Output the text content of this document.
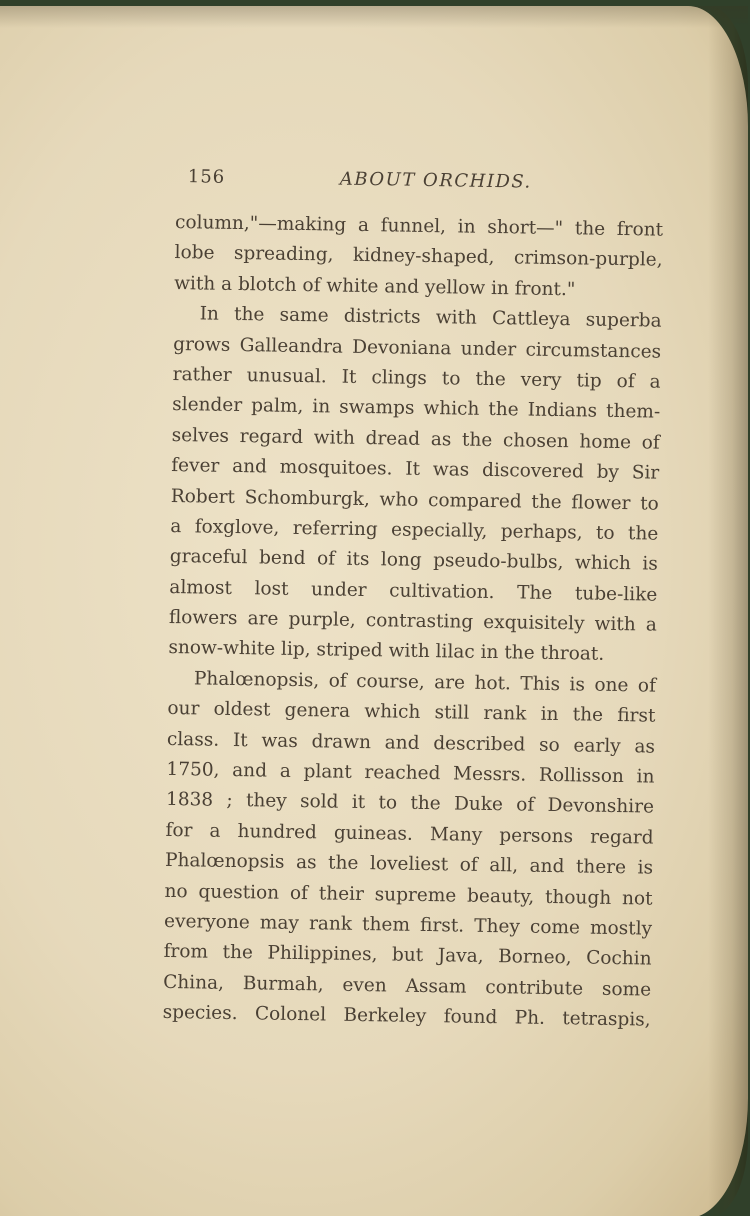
156	ABOUT ORCHIDS.
column,"—making a funnel, in short—" the front
lobe spreading, kidney-shaped, crimson-purple,
with a blotch of white and yellow in front."
In the same districts with Cattleya superba
grows Galleandra Devoniana under circumstances
rather unusual. It clings to the very tip of a
slender palm, in swamps which the Indians them-
selves regard with dread as the chosen home of
fever and mosquitoes. It was discovered by Sir
Robert Schomburgk, who compared the flower to
a foxglove, referring especially, perhaps, to the
graceful bend of its long pseudo-bulbs, which is
almost lost under cultivation. The tube-like
flowers are purple, contrasting exquisitely with a
snow-white lip, striped with lilac in the throat.
Phalœnopsis, of course, are hot. This is one of
our oldest genera which still rank in the first
class. It was drawn and described so early as
1750, and a plant reached Messrs. Rollisson in
1838 ; they sold it to the Duke of Devonshire
for a hundred guineas. Many persons regard
Phalœnopsis as the loveliest of all, and there is
no question of their supreme beauty, though not
everyone may rank them first. They come mostly
from the Philippines, but Java, Borneo, Cochin
China, Burmah, even Assam contribute some
species. Colonel Berkeley found Ph. tetraspis,
